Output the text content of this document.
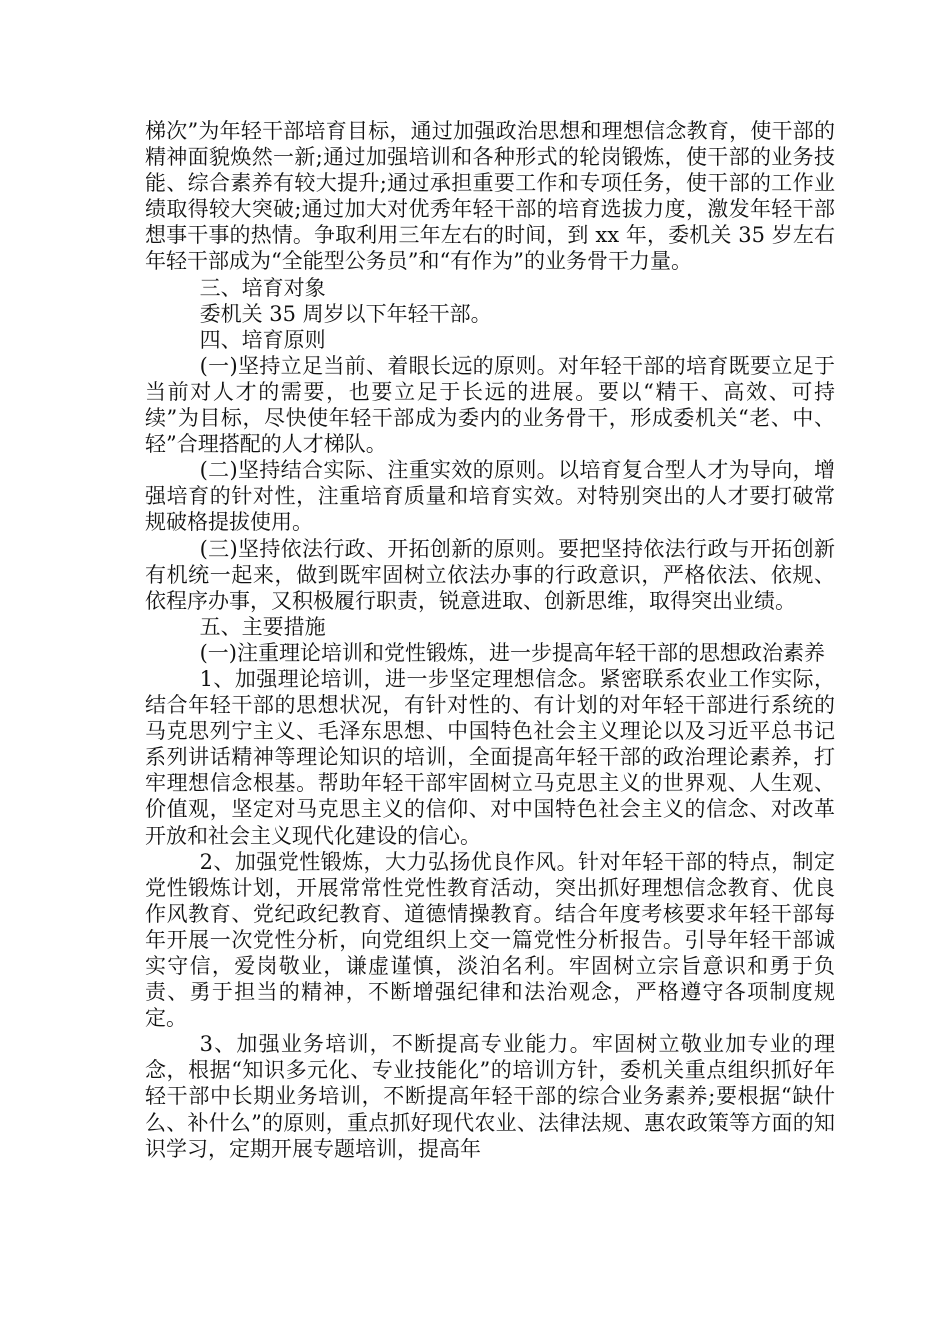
梯次”为年轻干部培育目标，通过加强政治思想和理想信念教育，使干部的精神面貌焕然一新;通过加强培训和各种形式的轮岗锻炼，使干部的业务技能、综合素养有较大提升;通过承担重要工作和专项任务，使干部的工作业绩取得较大突破;通过加大对优秀年轻干部的培育选拔力度，激发年轻干部想事干事的热情。争取利用三年左右的时间，到 xx 年，委机关 35 岁左右年轻干部成为“全能型公务员”和“有作为”的业务骨干力量。

三、培育对象

委机关 35 周岁以下年轻干部。

四、培育原则

(一)坚持立足当前、着眼长远的原则。对年轻干部的培育既要立足于当前对人才的需要，也要立足于长远的进展。要以“精干、高效、可持续”为目标，尽快使年轻干部成为委内的业务骨干，形成委机关“老、中、轻”合理搭配的人才梯队。

(二)坚持结合实际、注重实效的原则。以培育复合型人才为导向，增强培育的针对性，注重培育质量和培育实效。对特别突出的人才要打破常规破格提拔使用。

(三)坚持依法行政、开拓创新的原则。要把坚持依法行政与开拓创新有机统一起来，做到既牢固树立依法办事的行政意识，严格依法、依规、依程序办事，又积极履行职责，锐意进取、创新思维，取得突出业绩。

五、主要措施

(一)注重理论培训和党性锻炼，进一步提高年轻干部的思想政治素养

1、加强理论培训，进一步坚定理想信念。紧密联系农业工作实际，结合年轻干部的思想状况，有针对性的、有计划的对年轻干部进行系统的马克思列宁主义、毛泽东思想、中国特色社会主义理论以及习近平总书记系列讲话精神等理论知识的培训，全面提高年轻干部的政治理论素养，打牢理想信念根基。帮助年轻干部牢固树立马克思主义的世界观、人生观、价值观，坚定对马克思主义的信仰、对中国特色社会主义的信念、对改革开放和社会主义现代化建设的信心。

2、加强党性锻炼，大力弘扬优良作风。针对年轻干部的特点，制定党性锻炼计划，开展常常性党性教育活动，突出抓好理想信念教育、优良作风教育、党纪政纪教育、道德情操教育。结合年度考核要求年轻干部每年开展一次党性分析，向党组织上交一篇党性分析报告。引导年轻干部诚实守信，爱岗敬业，谦虚谨慎，淡泊名利。牢固树立宗旨意识和勇于负责、勇于担当的精神，不断增强纪律和法治观念，严格遵守各项制度规定。

3、加强业务培训，不断提高专业能力。牢固树立敬业加专业的理念，根据“知识多元化、专业技能化”的培训方针，委机关重点组织抓好年轻干部中长期业务培训，不断提高年轻干部的综合业务素养;要根据“缺什么、补什么”的原则，重点抓好现代农业、法律法规、惠农政策等方面的知识学习，定期开展专题培训，提高年
